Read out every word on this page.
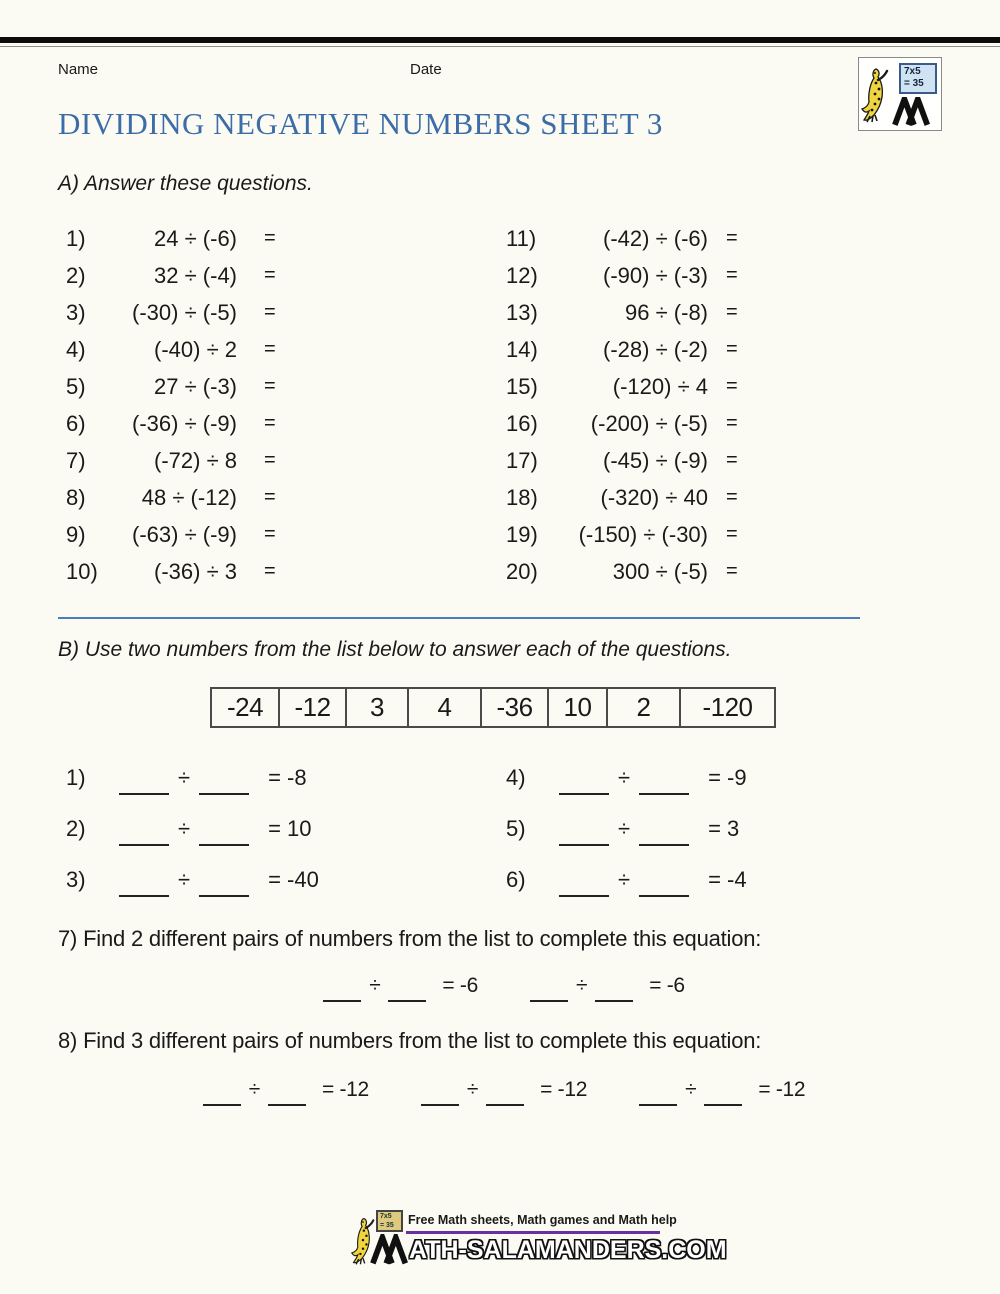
Name	Date	7x5
= 35
DIVIDING NEGATIVE NUMBERS SHEET 3
A) Answer these questions.
1)	24 ÷ (-6) =	11)	(-42) ÷ (-6) =
2)	32 ÷ (-4) =	12)	(-90) ÷ (-3) =
3)	(-30) ÷ (-5) =	13)	96 ÷ (-8) =
4)	(-40) ÷ 2 =	14)	(-28) ÷ (-2) =
5)	27 ÷ (-3) =	15)	(-120) ÷ 4 =
6)	(-36) ÷ (-9) =	16)	(-200) ÷ (-5) =
7)	(-72) ÷ 8 =	17)	(-45) ÷ (-9) =
8)	48 ÷ (-12) =	18)	(-320) ÷ 40 =
9)	(-63) ÷ (-9) =	19)	(-150) ÷ (-30) =
10)	(-36) ÷ 3 =	20)	300 ÷ (-5) =
B) Use two numbers from the list below to answer each of the questions.
-24	-12	3	4	-36	10	2	-120
1)	÷	= -8	4)	÷	= -9
2)	÷	= 10	5)	÷	= 3
3)	÷	= -40	6)	÷	= -4
7) Find 2 different pairs of numbers from the list to complete this equation:
÷	= -6	÷	= -6
8) Find 3 different pairs of numbers from the list to complete this equation:
÷	= -12	÷	= -12	÷	= -12
7x5
= 35	Free Math sheets, Math games and Math help
ATH-SALAMANDERS.COM
